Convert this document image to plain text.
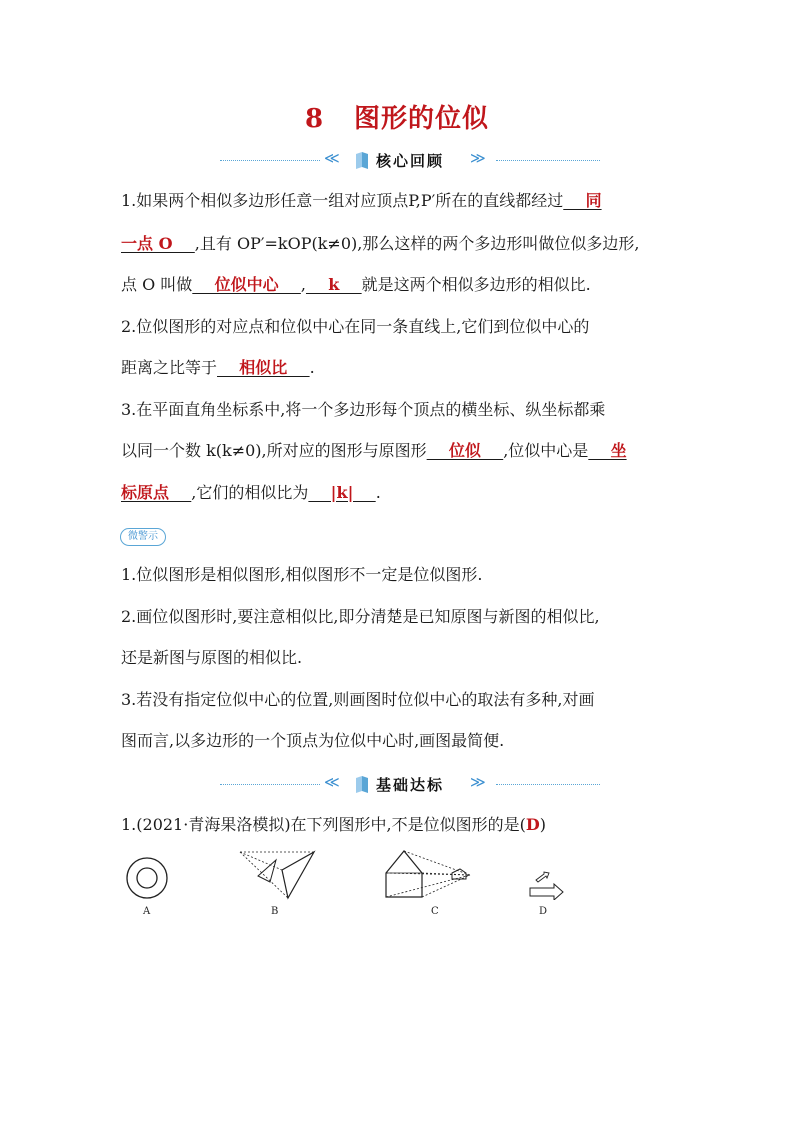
8 图形的位似
≪ 核心回顾 ≫
1.如果两个相似多边形任意一组对应顶点P,P′所在的直线都经过    同
一点 O    ,且有 OP′=kOP(k≠0),那么这样的两个多边形叫做位似多边形,
点 O 叫做    位似中心    ,    k    就是这两个相似多边形的相似比.
2.位似图形的对应点和位似中心在同一条直线上,它们到位似中心的
距离之比等于    相似比    .
3.在平面直角坐标系中,将一个多边形每个顶点的横坐标、纵坐标都乘
以同一个数 k(k≠0),所对应的图形与原图形    位似    ,位似中心是    坐
标原点    ,它们的相似比为    |k|    .
微警示
1.位似图形是相似图形,相似图形不一定是位似图形.
2.画位似图形时,要注意相似比,即分清楚是已知原图与新图的相似比,
还是新图与原图的相似比.
3.若没有指定位似中心的位置,则画图时位似中心的取法有多种,对画
图而言,以多边形的一个顶点为位似中心时,画图最简便.
≪ 基础达标 ≫
1.(2021·青海果洛模拟)在下列图形中,不是位似图形的是(D)
A	B	C	D
